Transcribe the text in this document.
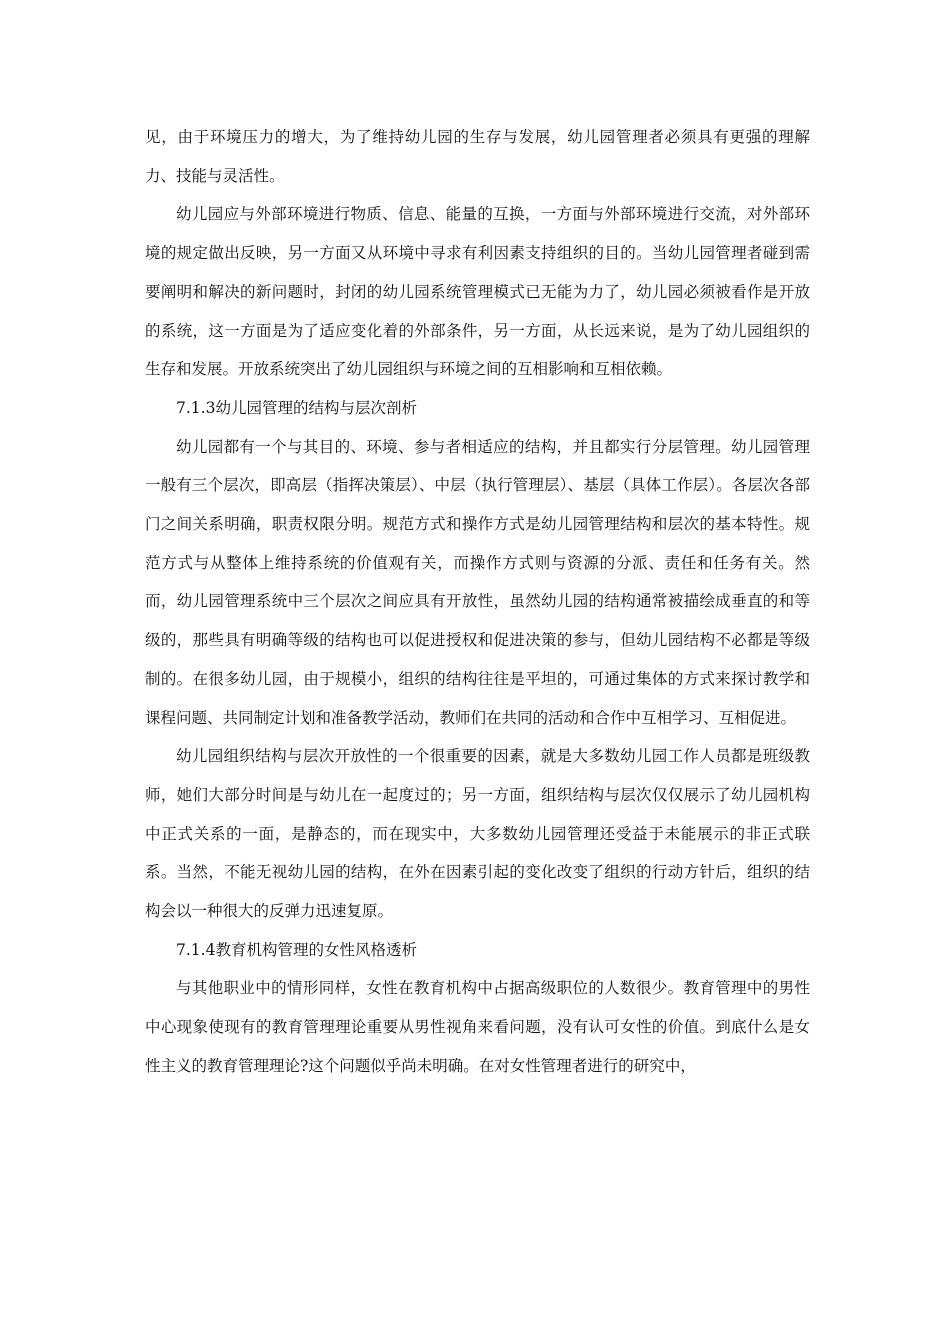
见，由于环境压力的增大，为了维持幼儿园的生存与发展，幼儿园管理者必须具有更强的理解力、技能与灵活性。

幼儿园应与外部环境进行物质、信息、能量的互换，一方面与外部环境进行交流，对外部环境的规定做出反映，另一方面又从环境中寻求有利因素支持组织的目的。当幼儿园管理者碰到需要阐明和解决的新问题时，封闭的幼儿园系统管理模式已无能为力了，幼儿园必须被看作是开放的系统，这一方面是为了适应变化着的外部条件，另一方面，从长远来说，是为了幼儿园组织的生存和发展。开放系统突出了幼儿园组织与环境之间的互相影响和互相依赖。

7.1.3幼儿园管理的结构与层次剖析

幼儿园都有一个与其目的、环境、参与者相适应的结构，并且都实行分层管理。幼儿园管理一般有三个层次，即高层（指挥决策层）、中层（执行管理层）、基层（具体工作层）。各层次各部门之间关系明确，职责权限分明。规范方式和操作方式是幼儿园管理结构和层次的基本特性。规范方式与从整体上维持系统的价值观有关，而操作方式则与资源的分派、责任和任务有关。然而，幼儿园管理系统中三个层次之间应具有开放性，虽然幼儿园的结构通常被描绘成垂直的和等级的，那些具有明确等级的结构也可以促进授权和促进决策的参与，但幼儿园结构不必都是等级制的。在很多幼儿园，由于规模小，组织的结构往往是平坦的，可通过集体的方式来探讨教学和课程问题、共同制定计划和准备教学活动，教师们在共同的活动和合作中互相学习、互相促进。

幼儿园组织结构与层次开放性的一个很重要的因素，就是大多数幼儿园工作人员都是班级教师，她们大部分时间是与幼儿在一起度过的；另一方面，组织结构与层次仅仅展示了幼儿园机构中正式关系的一面，是静态的，而在现实中，大多数幼儿园管理还受益于未能展示的非正式联系。当然，不能无视幼儿园的结构，在外在因素引起的变化改变了组织的行动方针后，组织的结构会以一种很大的反弹力迅速复原。

7.1.4教育机构管理的女性风格透析

与其他职业中的情形同样，女性在教育机构中占据高级职位的人数很少。教育管理中的男性中心现象使现有的教育管理理论重要从男性视角来看问题，没有认可女性的价值。到底什么是女性主义的教育管理理论?这个问题似乎尚未明确。在对女性管理者进行的研究中，
